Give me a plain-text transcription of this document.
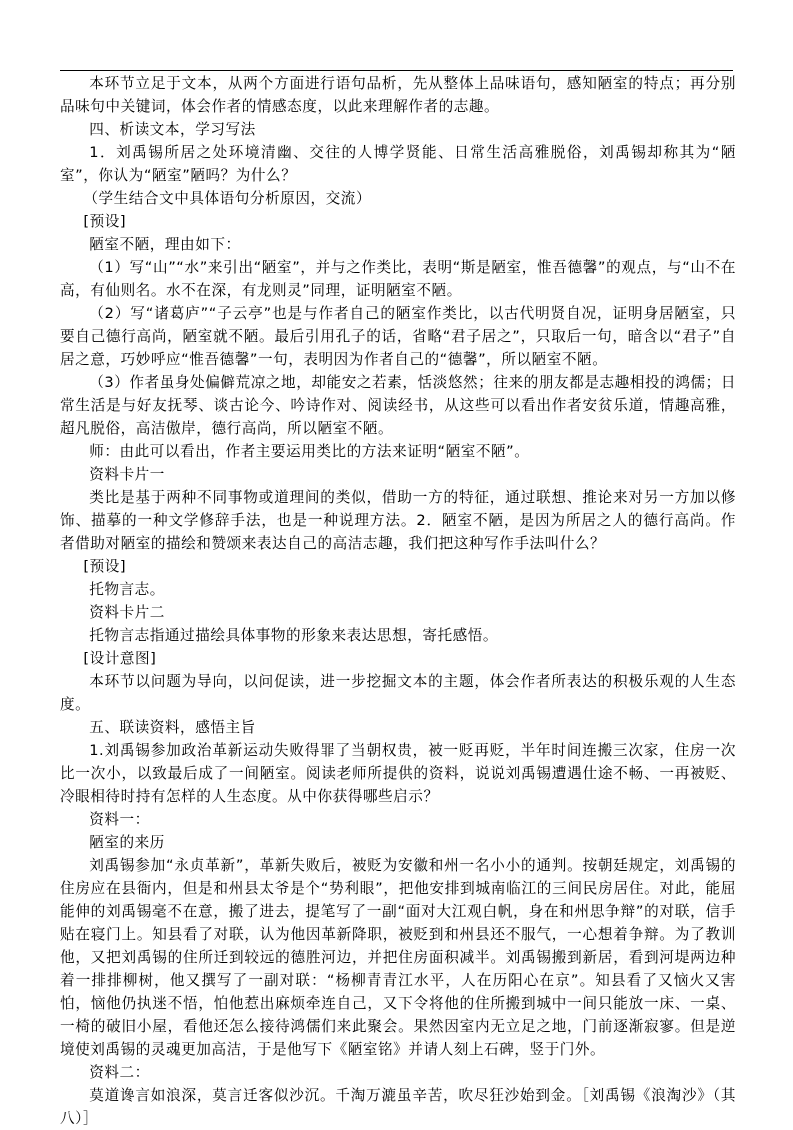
本环节立足于文本，从两个方面进行语句品析，先从整体上品味语句，感知陋室的特点；再分别品味句中关键词，体会作者的情感态度，以此来理解作者的志趣。

四、析读文本，学习写法

1．刘禹锡所居之处环境清幽、交往的人博学贤能、日常生活高雅脱俗，刘禹锡却称其为“陋室”，你认为“陋室”陋吗？为什么？

（学生结合文中具体语句分析原因，交流）

[预设]

陋室不陋，理由如下：

（1）写“山”“水”来引出“陋室”，并与之作类比，表明“斯是陋室，惟吾德馨”的观点，与“山不在高，有仙则名。水不在深，有龙则灵”同理，证明陋室不陋。

（2）写“诸葛庐”“子云亭”也是与作者自己的陋室作类比，以古代明贤自况，证明身居陋室，只要自己德行高尚，陋室就不陋。最后引用孔子的话，省略“君子居之”，只取后一句，暗含以“君子”自居之意，巧妙呼应“惟吾德馨”一句，表明因为作者自己的“德馨”，所以陋室不陋。

（3）作者虽身处偏僻荒凉之地，却能安之若素，恬淡悠然；往来的朋友都是志趣相投的鸿儒；日常生活是与好友抚琴、谈古论今、吟诗作对、阅读经书，从这些可以看出作者安贫乐道，情趣高雅，超凡脱俗，高洁傲岸，德行高尚，所以陋室不陋。

师：由此可以看出，作者主要运用类比的方法来证明“陋室不陋”。

资料卡片一

类比是基于两种不同事物或道理间的类似，借助一方的特征，通过联想、推论来对另一方加以修饰、描摹的一种文学修辞手法，也是一种说理方法。2．陋室不陋，是因为所居之人的德行高尚。作者借助对陋室的描绘和赞颂来表达自己的高洁志趣，我们把这种写作手法叫什么？

[预设]

托物言志。

资料卡片二

托物言志指通过描绘具体事物的形象来表达思想，寄托感悟。

[设计意图]

本环节以问题为导向，以问促读，进一步挖掘文本的主题，体会作者所表达的积极乐观的人生态度。

五、联读资料，感悟主旨

1.刘禹锡参加政治革新运动失败得罪了当朝权贵，被一贬再贬，半年时间连搬三次家，住房一次比一次小，以致最后成了一间陋室。阅读老师所提供的资料，说说刘禹锡遭遇仕途不畅、一再被贬、冷眼相待时持有怎样的人生态度。从中你获得哪些启示？

资料一：

陋室的来历

刘禹锡参加“永贞革新”，革新失败后，被贬为安徽和州一名小小的通判。按朝廷规定，刘禹锡的住房应在县衙内，但是和州县太爷是个“势利眼”，把他安排到城南临江的三间民房居住。对此，能屈能伸的刘禹锡毫不在意，搬了进去，提笔写了一副“面对大江观白帆，身在和州思争辩”的对联，信手贴在寝门上。知县看了对联，认为他因革新降职，被贬到和州县还不服气，一心想着争辩。为了教训他，又把刘禹锡的住所迁到较远的德胜河边，并把住房面积减半。刘禹锡搬到新居，看到河堤两边种着一排排柳树，他又撰写了一副对联：“杨柳青青江水平，人在历阳心在京”。知县看了又恼火又害怕，恼他仍执迷不悟，怕他惹出麻烦牵连自己，又下令将他的住所搬到城中一间只能放一床、一桌、一椅的破旧小屋，看他还怎么接待鸿儒们来此聚会。果然因室内无立足之地，门前逐渐寂寥。但是逆境使刘禹锡的灵魂更加高洁，于是他写下《陋室铭》并请人刻上石碑，竖于门外。

资料二：

莫道谗言如浪深，莫言迁客似沙沉。千淘万漉虽辛苦，吹尽狂沙始到金。［刘禹锡《浪淘沙》（其八）］
